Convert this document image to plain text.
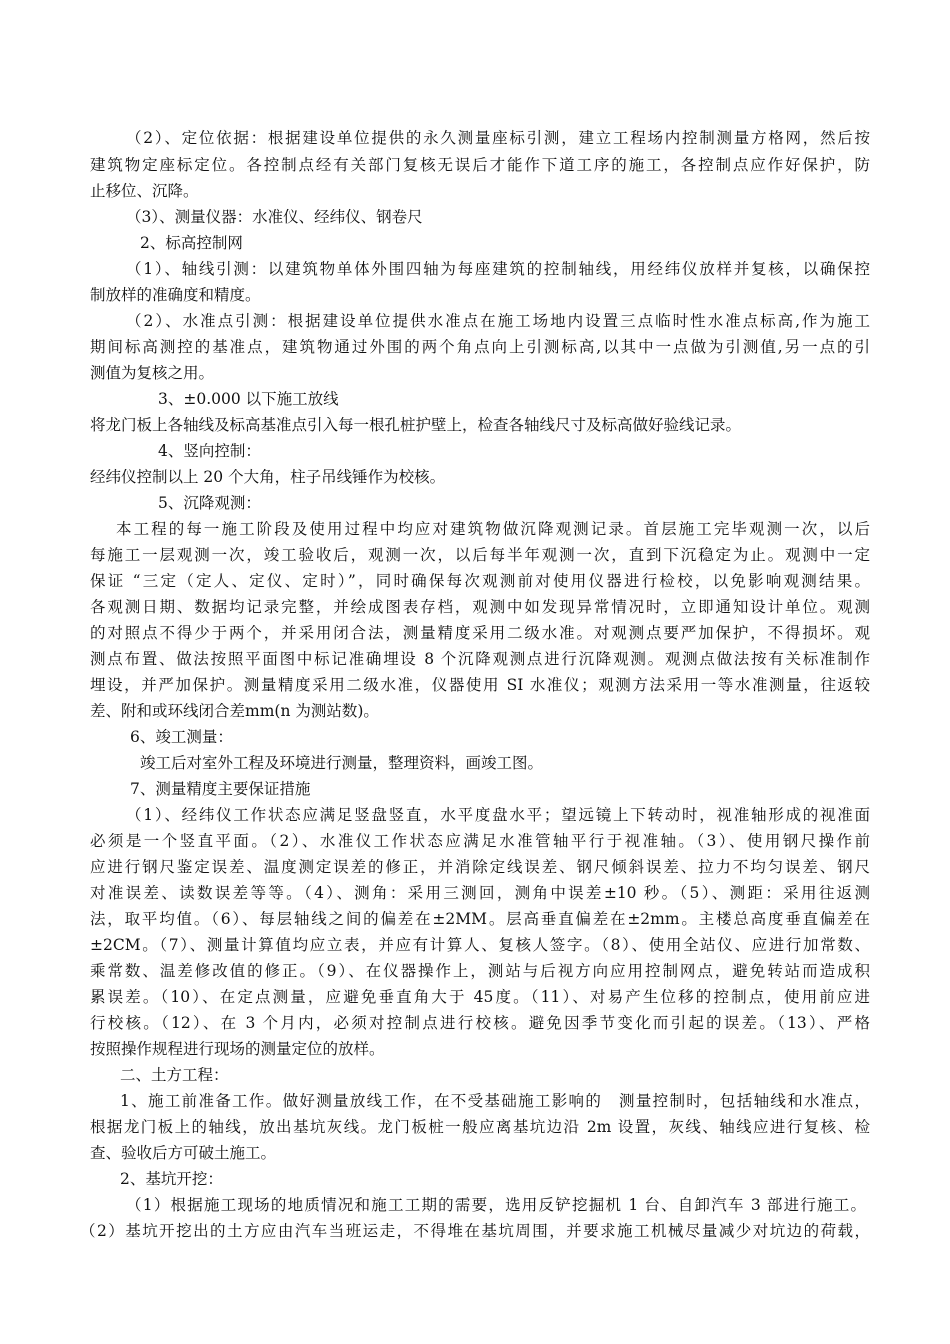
（2）、定位依据：根据建设单位提供的永久测量座标引测，建立工程场内控制测量方格网，然后按
建筑物定座标定位。各控制点经有关部门复核无误后才能作下道工序的施工，各控制点应作好保护，防
止移位、沉降。
（3）、测量仪器：水准仪、经纬仪、钢卷尺
2、标高控制网
（1）、轴线引测：以建筑物单体外围四轴为每座建筑的控制轴线，用经纬仪放样并复核，以确保控
制放样的准确度和精度。
（2）、水准点引测：根据建设单位提供水准点在施工场地内设置三点临时性水准点标高,作为施工
期间标高测控的基准点，建筑物通过外围的两个角点向上引测标高,以其中一点做为引测值,另一点的引
测值为复核之用。
3、±0.000 以下施工放线
将龙门板上各轴线及标高基准点引入每一根孔桩护壁上，检查各轴线尺寸及标高做好验线记录。
4、竖向控制：
经纬仪控制以上 20 个大角，柱子吊线锤作为校核。
5、沉降观测：
本工程的每一施工阶段及使用过程中均应对建筑物做沉降观测记录。首层施工完毕观测一次，以后
每施工一层观测一次，竣工验收后，观测一次，以后每半年观测一次，直到下沉稳定为止。观测中一定
保证 “三定（定人、定仪、定时）”，同时确保每次观测前对使用仪器进行检校，以免影响观测结果。
各观测日期、数据均记录完整，并绘成图表存档，观测中如发现异常情况时，立即通知设计单位。观测
的对照点不得少于两个，并采用闭合法，测量精度采用二级水准。对观测点要严加保护，不得损坏。观
测点布置、做法按照平面图中标记准确埋设 8 个沉降观测点进行沉降观测。观测点做法按有关标准制作
埋设，并严加保护。测量精度采用二级水准，仪器使用 SI 水准仪；观测方法采用一等水准测量，往返较
差、附和或环线闭合差mm(n 为测站数)。
6、竣工测量：
竣工后对室外工程及环境进行测量，整理资料，画竣工图。
7、测量精度主要保证措施
（1）、经纬仪工作状态应满足竖盘竖直，水平度盘水平；望远镜上下转动时，视准轴形成的视准面
必须是一个竖直平面。（2）、水准仪工作状态应满足水准管轴平行于视准轴。（3）、使用钢尺操作前
应进行钢尺鉴定误差、温度测定误差的修正，并消除定线误差、钢尺倾斜误差、拉力不均匀误差、钢尺
对准误差、读数误差等等。（4）、测角：采用三测回，测角中误差±10 秒。（5）、测距：采用往返测
法，取平均值。（6）、每层轴线之间的偏差在±2MM。层高垂直偏差在±2mm。主楼总高度垂直偏差在
±2CM。（7）、测量计算值均应立表，并应有计算人、复核人签字。（8）、使用全站仪、应进行加常数、
乘常数、温差修改值的修正。（9）、在仪器操作上，测站与后视方向应用控制网点，避免转站而造成积
累误差。（10）、在定点测量，应避免垂直角大于 45度。（11）、对易产生位移的控制点，使用前应进
行校核。（12）、在 3 个月内，必须对控制点进行校核。避免因季节变化而引起的误差。（13）、严格
按照操作规程进行现场的测量定位的放样。
二、土方工程：
1、施工前准备工作。做好测量放线工作，在不受基础施工影响的　测量控制时，包括轴线和水准点，
根据龙门板上的轴线，放出基坑灰线。龙门板桩一般应离基坑边沿 2m 设置，灰线、轴线应进行复核、检
查、验收后方可破土施工。
2、基坑开挖：
（1）根据施工现场的地质情况和施工工期的需要，选用反铲挖掘机 1 台、自卸汽车 3 部进行施工。
（2）基坑开挖出的土方应由汽车当班运走，不得堆在基坑周围，并要求施工机械尽量减少对坑边的荷载，
